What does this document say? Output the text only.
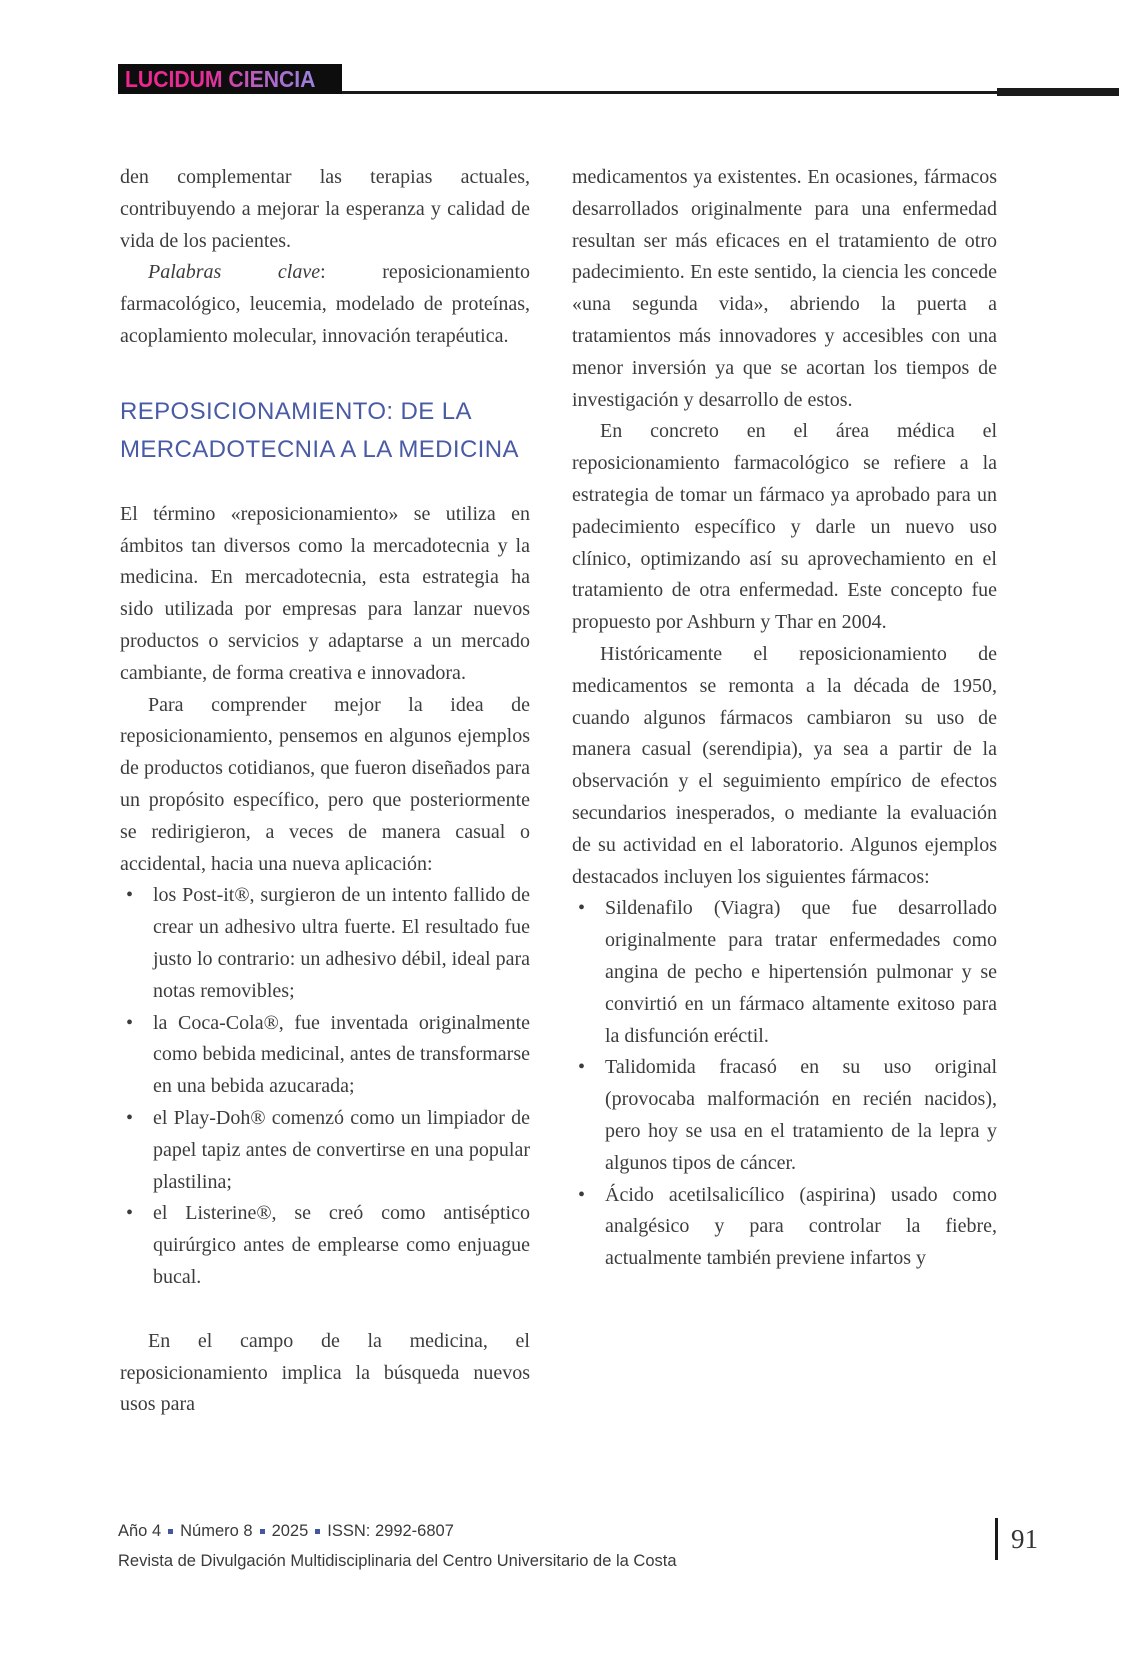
LUCIDUM CIENCIA

den complementar las terapias actuales, contribuyendo a mejorar la esperanza y calidad de vida de los pacientes.

Palabras clave: reposicionamiento farmacológico, leucemia, modelado de proteínas, acoplamiento molecular, innovación terapéutica.

REPOSICIONAMIENTO: DE LA MERCADOTECNIA A LA MEDICINA

El término «reposicionamiento» se utiliza en ámbitos tan diversos como la mercadotecnia y la medicina. En mercadotecnia, esta estrategia ha sido utilizada por empresas para lanzar nuevos productos o servicios y adaptarse a un mercado cambiante, de forma creativa e innovadora.

Para comprender mejor la idea de reposicionamiento, pensemos en algunos ejemplos de productos cotidianos, que fueron diseñados para un propósito específico, pero que posteriormente se redirigieron, a veces de manera casual o accidental, hacia una nueva aplicación:

• los Post-it®, surgieron de un intento fallido de crear un adhesivo ultra fuerte. El resultado fue justo lo contrario: un adhesivo débil, ideal para notas removibles;
• la Coca-Cola®, fue inventada originalmente como bebida medicinal, antes de transformarse en una bebida azucarada;
• el Play-Doh® comenzó como un limpiador de papel tapiz antes de convertirse en una popular plastilina;
• el Listerine®, se creó como antiséptico quirúrgico antes de emplearse como enjuague bucal.

En el campo de la medicina, el reposicionamiento implica la búsqueda nuevos usos para

medicamentos ya existentes. En ocasiones, fármacos desarrollados originalmente para una enfermedad resultan ser más eficaces en el tratamiento de otro padecimiento. En este sentido, la ciencia les concede «una segunda vida», abriendo la puerta a tratamientos más innovadores y accesibles con una menor inversión ya que se acortan los tiempos de investigación y desarrollo de estos.

En concreto en el área médica el reposicionamiento farmacológico se refiere a la estrategia de tomar un fármaco ya aprobado para un padecimiento específico y darle un nuevo uso clínico, optimizando así su aprovechamiento en el tratamiento de otra enfermedad. Este concepto fue propuesto por Ashburn y Thar en 2004.

Históricamente el reposicionamiento de medicamentos se remonta a la década de 1950, cuando algunos fármacos cambiaron su uso de manera casual (serendipia), ya sea a partir de la observación y el seguimiento empírico de efectos secundarios inesperados, o mediante la evaluación de su actividad en el laboratorio. Algunos ejemplos destacados incluyen los siguientes fármacos:

• Sildenafilo (Viagra) que fue desarrollado originalmente para tratar enfermedades como angina de pecho e hipertensión pulmonar y se convirtió en un fármaco altamente exitoso para la disfunción eréctil.
• Talidomida fracasó en su uso original (provocaba malformación en recién nacidos), pero hoy se usa en el tratamiento de la lepra y algunos tipos de cáncer.
• Ácido acetilsalicílico (aspirina) usado como analgésico y para controlar la fiebre, actualmente también previene infartos y
Año 4 Número 8 2025 ISSN: 2992-6807
Revista de Divulgación Multidisciplinaria del Centro Universitario de la Costa
91
